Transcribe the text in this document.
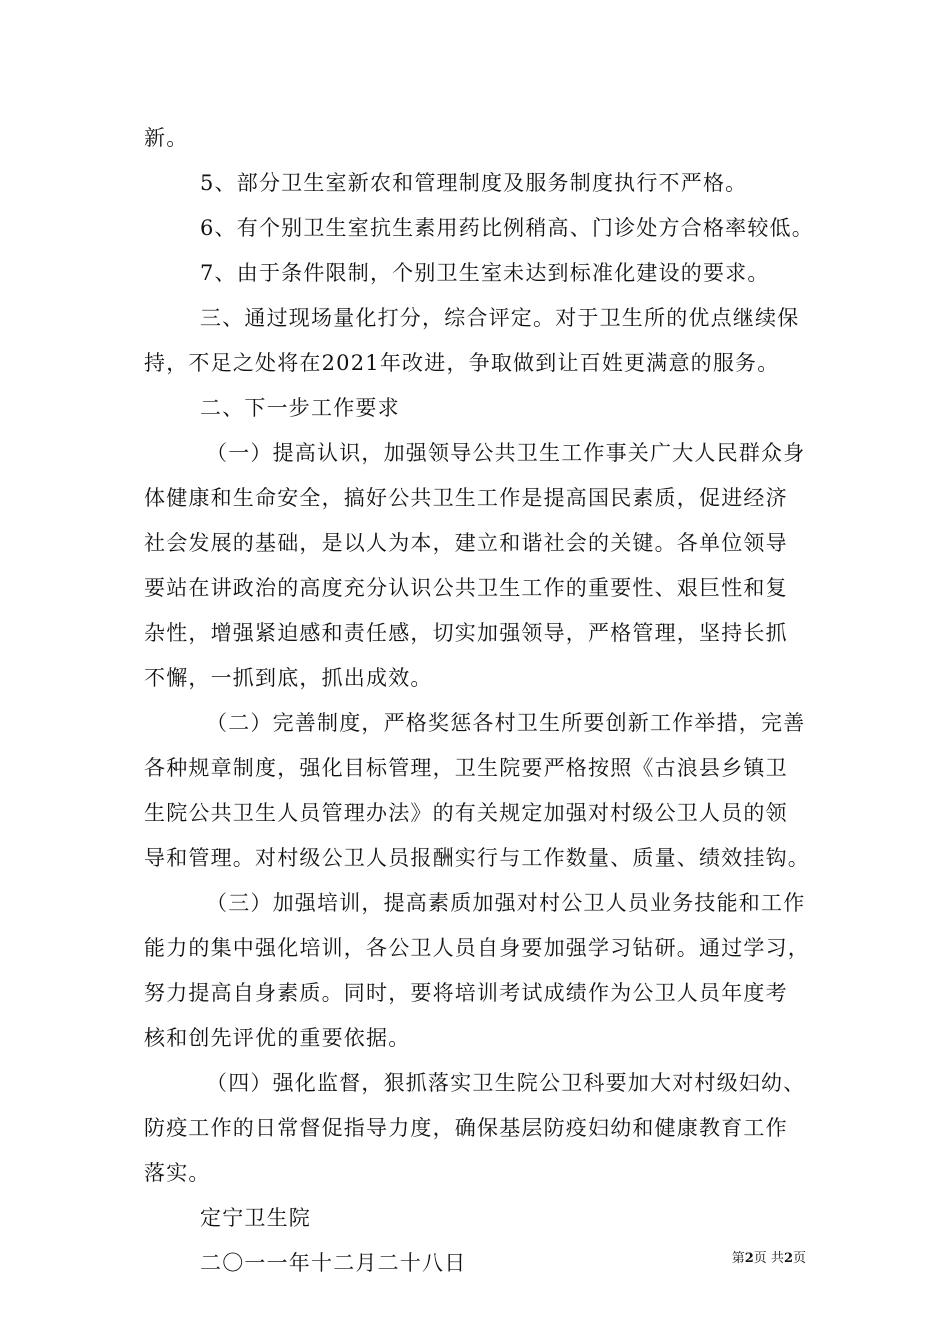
新。
5、部分卫生室新农和管理制度及服务制度执行不严格。
6、有个别卫生室抗生素用药比例稍高、门诊处方合格率较低。
7、由于条件限制，个别卫生室未达到标准化建设的要求。
三、通过现场量化打分，综合评定。对于卫生所的优点继续保
持，不足之处将在2021年改进，争取做到让百姓更满意的服务。
二、下一步工作要求
（一）提高认识，加强领导公共卫生工作事关广大人民群众身
体健康和生命安全，搞好公共卫生工作是提高国民素质，促进经济
社会发展的基础，是以人为本，建立和谐社会的关键。各单位领导
要站在讲政治的高度充分认识公共卫生工作的重要性、艰巨性和复
杂性，增强紧迫感和责任感，切实加强领导，严格管理，坚持长抓
不懈，一抓到底，抓出成效。
（二）完善制度，严格奖惩各村卫生所要创新工作举措，完善
各种规章制度，强化目标管理，卫生院要严格按照《古浪县乡镇卫
生院公共卫生人员管理办法》的有关规定加强对村级公卫人员的领
导和管理。对村级公卫人员报酬实行与工作数量、质量、绩效挂钩。
（三）加强培训，提高素质加强对村公卫人员业务技能和工作
能力的集中强化培训，各公卫人员自身要加强学习钻研。通过学习，
努力提高自身素质。同时，要将培训考试成绩作为公卫人员年度考
核和创先评优的重要依据。
（四）强化监督，狠抓落实卫生院公卫科要加大对村级妇幼、
防疫工作的日常督促指导力度，确保基层防疫妇幼和健康教育工作
落实。
定宁卫生院
二〇一一年十二月二十八日	第2页 共2页
